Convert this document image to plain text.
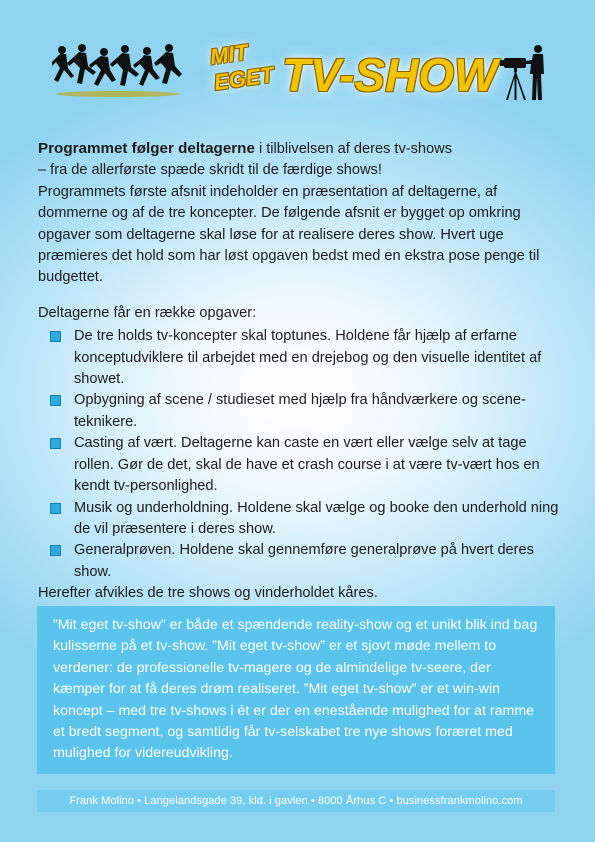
MIT
EGET TV-SHOW

Programmet følger deltagerne i tilblivelsen af deres tv-shows
– fra de allerførste spæde skridt til de færdige shows!
Programmets første afsnit indeholder en præsentation af deltagerne, af dommerne og af de tre koncepter. De følgende afsnit er bygget op omkring opgaver som deltagerne skal løse for at realisere deres show. Hvert uge præmieres det hold som har løst opgaven bedst med en ekstra pose penge til budgettet.

Deltagerne får en række opgaver:

De tre holds tv-koncepter skal toptunes. Holdene får hjælp af erfarne konceptudviklere til arbejdet med en drejebog og den visuelle identitet af showet.
Opbygning af scene / studieset med hjælp fra håndværkere og scene-teknikere.
Casting af vært. Deltagerne kan caste en vært eller vælge selv at tage rollen. Gør de det, skal de have et crash course i at være tv-vært hos en kendt tv-personlighed.
Musik og underholdning. Holdene skal vælge og booke den underhold ning de vil præsentere i deres show.
Generalprøven. Holdene skal gennemføre generalprøve på hvert deres show.

Herefter afvikles de tre shows og vinderholdet kåres.

”Mit eget tv-show” er både et spændende reality-show og et unikt blik ind bag kulisserne på et tv-show. ”Mit eget tv-show” er et sjovt møde mellem to verdener: de professionelle tv-magere og de almindelige tv-seere, der kæmper for at få deres drøm realiseret. ”Mit eget tv-show” er et win-win koncept – med tre tv-shows i ét er der en enestående mulighed for at ramme et bredt segment, og samtidig får tv-selskabet tre nye shows foræret med mulighed for videreudvikling.
Frank Molino • Langelandsgade 39, kld. i gavlen • 8000 Århus C • businessfrankmolino.com
